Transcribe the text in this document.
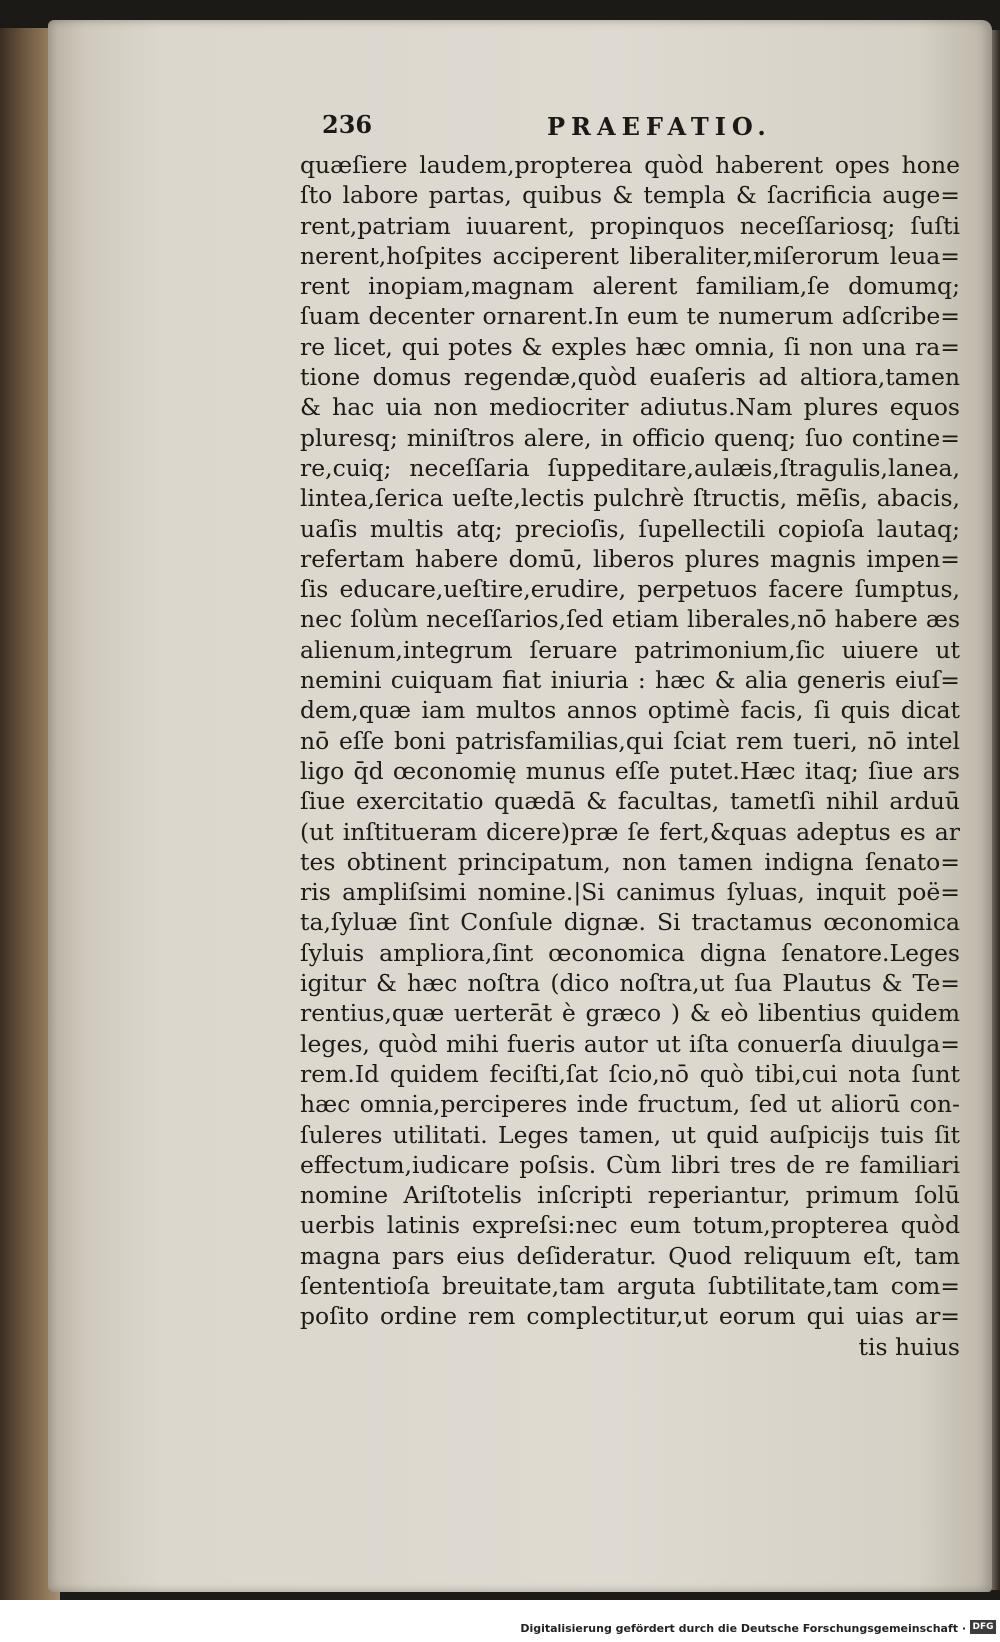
236	PRAEFATIO.
quæſiere laudem,propterea quòd haberent opes hone
ſto labore partas, quibus & templa & ſacrificia auge=
rent,patriam iuuarent, propinquos neceſſariosq; ſuſti
nerent,hoſpites acciperent liberaliter,miſerorum leua=
rent inopiam,magnam alerent familiam,ſe domumq;
ſuam decenter ornarent.In eum te numerum adſcribe=
re licet, qui potes & exples hæc omnia, ſi non una ra=
tione domus regendæ,quòd euaſeris ad altiora,tamen
& hac uia non mediocriter adiutus.Nam plures equos
pluresq; miniſtros alere, in officio quenq; ſuo contine=
re,cuiq; neceſſaria ſuppeditare,aulæis,ſtragulis,lanea,
lintea,ſerica ueſte,lectis pulchrè ſtructis, mēſis, abacis,
uaſis multis atq; precioſis, ſupellectili copioſa lautaq;
refertam habere domū, liberos plures magnis impen=
ſis educare,ueſtire,erudire, perpetuos facere ſumptus,
nec ſolùm neceſſarios,ſed etiam liberales,nō habere æs
alienum,integrum ſeruare patrimonium,ſic uiuere ut
nemini cuiquam fiat iniuria : hæc & alia generis eiuſ=
dem,quæ iam multos annos optimè facis, ſi quis dicat
nō eſſe boni patrisfamilias,qui ſciat rem tueri, nō intel
ligo q̄d œconomię munus eſſe putet.Hæc itaq; ſiue ars
ſiue exercitatio quædā & facultas, tametſi nihil arduū
(ut inſtitueram dicere)præ ſe fert,&quas adeptus es ar
tes obtinent principatum, non tamen indigna ſenato=
ris ampliſsimi nomine.|Si canimus ſyluas, inquit poë=
ta,ſyluæ ſint Conſule dignæ. Si tractamus œconomica
ſyluis ampliora,ſint œconomica digna ſenatore.Leges
igitur & hæc noſtra (dico noſtra,ut ſua Plautus & Te=
rentius,quæ uerterāt è græco ) & eò libentius quidem
leges, quòd mihi fueris autor ut iſta conuerſa diuulga=
rem.Id quidem feciſti,ſat ſcio,nō quò tibi,cui nota ſunt
hæc omnia,perciperes inde fructum, ſed ut aliorū con-
ſuleres utilitati. Leges tamen, ut quid auſpicijs tuis ſit
effectum,iudicare poſsis. Cùm libri tres de re familiari
nomine Ariſtotelis inſcripti reperiantur, primum ſolū
uerbis latinis expreſsi:nec eum totum,propterea quòd
magna pars eius deſideratur. Quod reliquum eſt, tam
ſententioſa breuitate,tam arguta ſubtilitate,tam com=
poſito ordine rem complectitur,ut eorum qui uias ar=
tis huius
Digitalisierung gefördert durch die Deutsche Forschungsgemeinschaft · DFG
